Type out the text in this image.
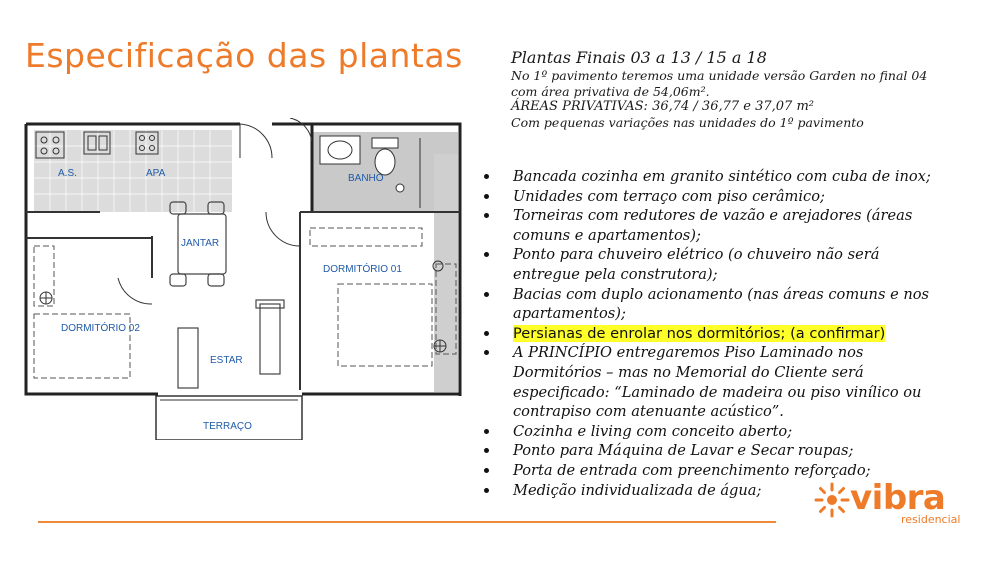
Especificação das plantas	Plantas Finais 03 a 13 / 15 a 18
No 1º pavimento teremos uma unidade versão Garden no final 04
com área privativa de 54,06m².
ÁREAS PRIVATIVAS: 36,74 / 36,77 e 37,07 m²
Com pequenas variações nas unidades do 1º pavimento
A.S.	APA	BANHO
JANTAR
DORMITÓRIO 01
DORMITÓRIO 02
ESTAR
TERRAÇO
Bancada cozinha em granito sintético com cuba de inox;
Unidades com terraço com piso cerâmico;
Torneiras com redutores de vazão e arejadores (áreas
comuns e apartamentos);
Ponto para chuveiro elétrico (o chuveiro não será
entregue pela construtora);
Bacias com duplo acionamento (nas áreas comuns e nos
apartamentos);
Persianas de enrolar nos dormitórios; (a confirmar)
A PRINCÍPIO entregaremos Piso Laminado nos
Dormitórios – mas no Memorial do Cliente será
especificado: “Laminado de madeira ou piso vinílico ou
contrapiso com atenuante acústico”.
Cozinha e living com conceito aberto;
Ponto para Máquina de Lavar e Secar roupas;
Porta de entrada com preenchimento reforçado;
Medição individualizada de água;	vibra
residencial
